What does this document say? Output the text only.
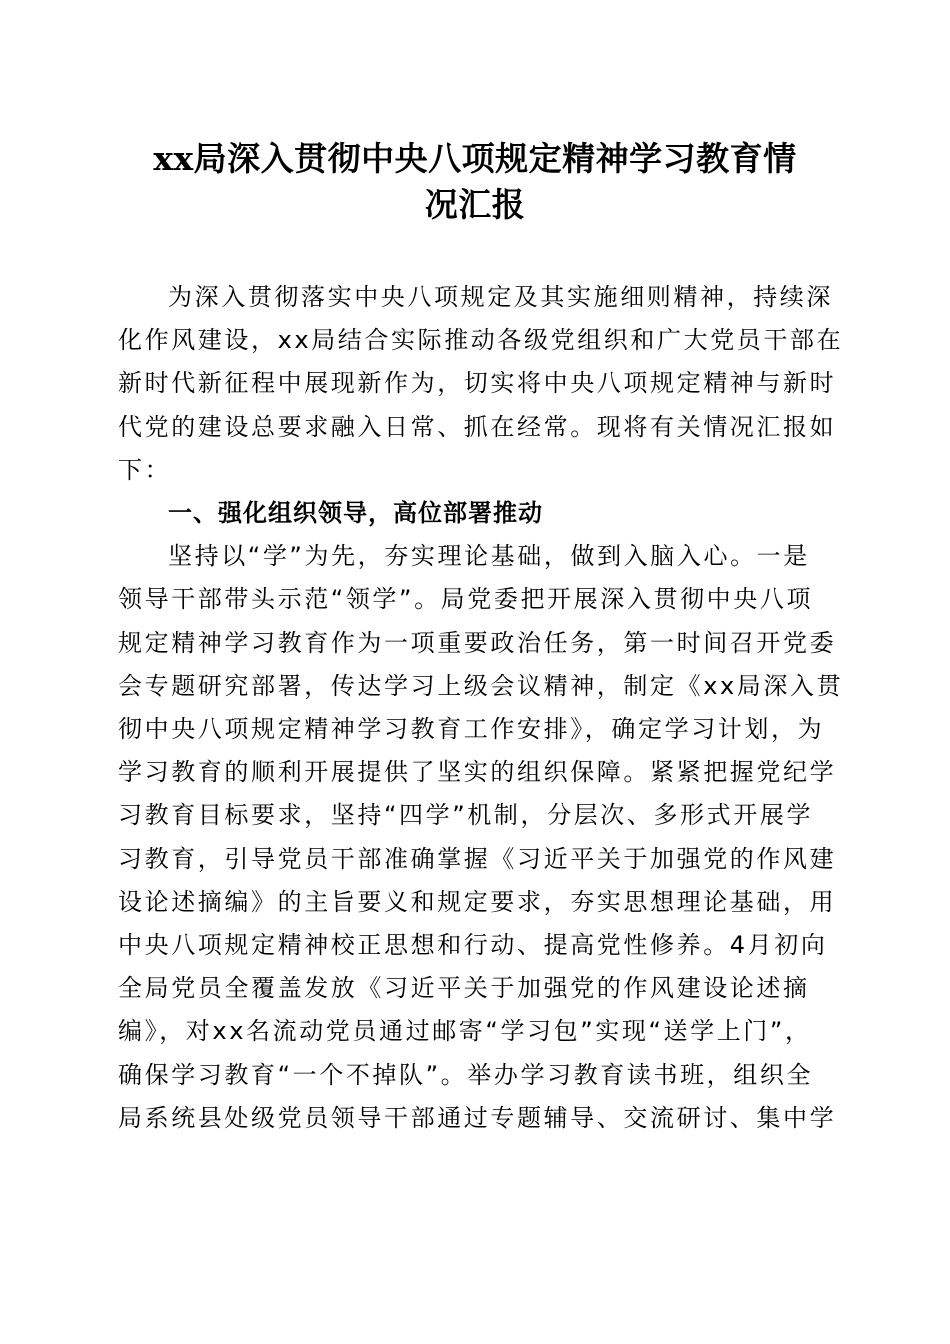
xx局深入贯彻中央八项规定精神学习教育情
况汇报
为深入贯彻落实中央八项规定及其实施细则精神，持续深
化作风建设，xx局结合实际推动各级党组织和广大党员干部在
新时代新征程中展现新作为，切实将中央八项规定精神与新时
代党的建设总要求融入日常、抓在经常。现将有关情况汇报如
下：
一、强化组织领导，高位部署推动
坚持以“学”为先，夯实理论基础，做到入脑入心。一是
领导干部带头示范“领学”。局党委把开展深入贯彻中央八项
规定精神学习教育作为一项重要政治任务，第一时间召开党委
会专题研究部署，传达学习上级会议精神，制定《xx局深入贯
彻中央八项规定精神学习教育工作安排》，确定学习计划，为
学习教育的顺利开展提供了坚实的组织保障。紧紧把握党纪学
习教育目标要求，坚持“四学”机制，分层次、多形式开展学
习教育，引导党员干部准确掌握《习近平关于加强党的作风建
设论述摘编》的主旨要义和规定要求，夯实思想理论基础，用
中央八项规定精神校正思想和行动、提高党性修养。4月初向
全局党员全覆盖发放《习近平关于加强党的作风建设论述摘
编》，对xx名流动党员通过邮寄“学习包”实现“送学上门”，
确保学习教育“一个不掉队”。举办学习教育读书班，组织全
局系统县处级党员领导干部通过专题辅导、交流研讨、集中学
